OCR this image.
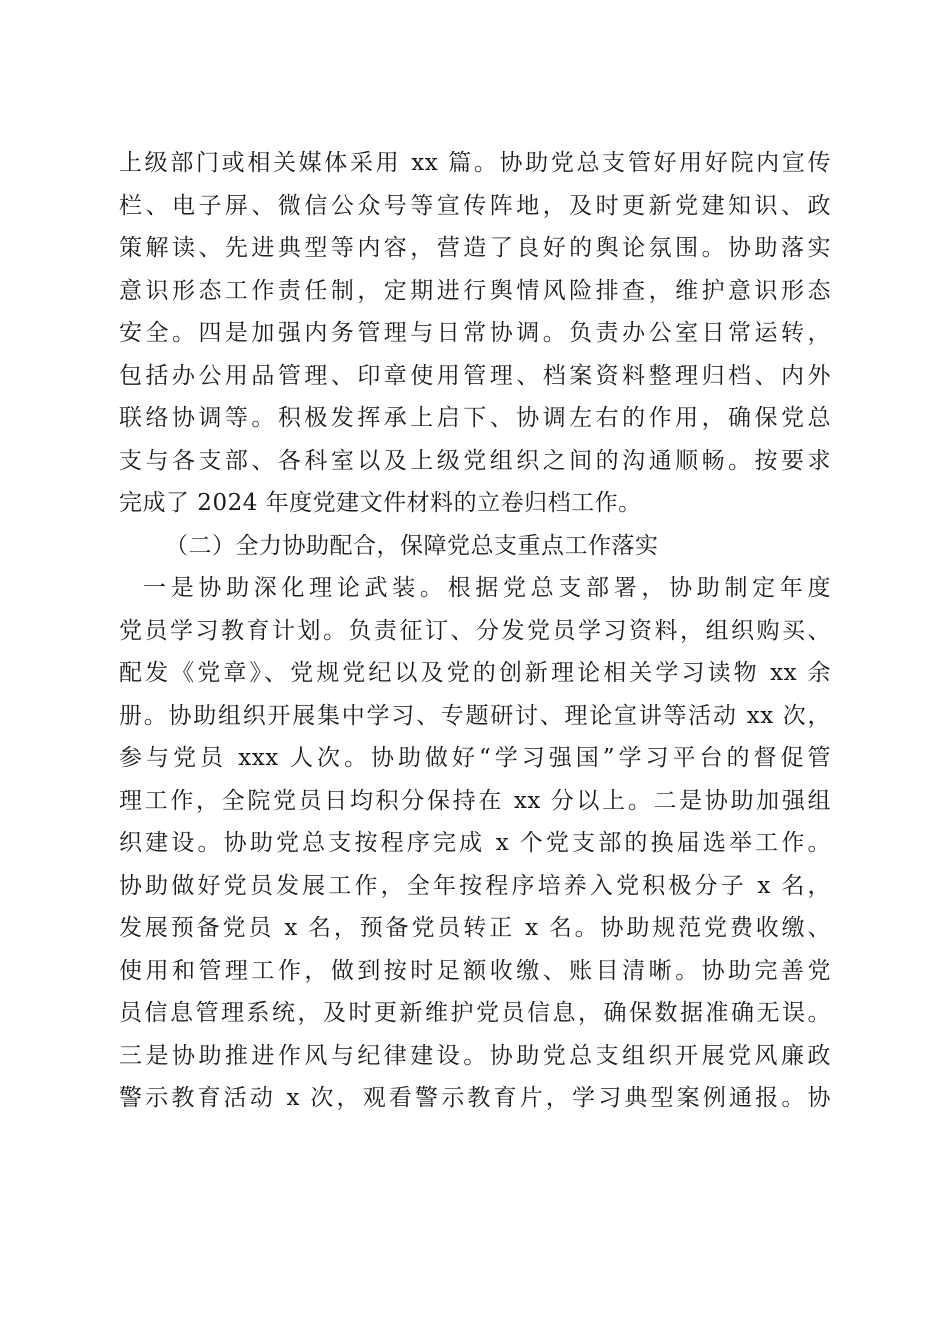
上级部门或相关媒体采用 xx 篇。协助党总支管好用好院内宣传
栏、电子屏、微信公众号等宣传阵地，及时更新党建知识、政
策解读、先进典型等内容，营造了良好的舆论氛围。协助落实
意识形态工作责任制，定期进行舆情风险排查，维护意识形态
安全。四是加强内务管理与日常协调。负责办公室日常运转，
包括办公用品管理、印章使用管理、档案资料整理归档、内外
联络协调等。积极发挥承上启下、协调左右的作用，确保党总
支与各支部、各科室以及上级党组织之间的沟通顺畅。按要求
完成了 2024 年度党建文件材料的立卷归档工作。
（二）全力协助配合，保障党总支重点工作落实
一是协助深化理论武装。根据党总支部署，协助制定年度
党员学习教育计划。负责征订、分发党员学习资料，组织购买、
配发《党章》、党规党纪以及党的创新理论相关学习读物 xx 余
册。协助组织开展集中学习、专题研讨、理论宣讲等活动 xx 次，
参与党员 xxx 人次。协助做好“学习强国”学习平台的督促管
理工作，全院党员日均积分保持在 xx 分以上。二是协助加强组
织建设。协助党总支按程序完成 x 个党支部的换届选举工作。
协助做好党员发展工作，全年按程序培养入党积极分子 x 名，
发展预备党员 x 名，预备党员转正 x 名。协助规范党费收缴、
使用和管理工作，做到按时足额收缴、账目清晰。协助完善党
员信息管理系统，及时更新维护党员信息，确保数据准确无误。
三是协助推进作风与纪律建设。协助党总支组织开展党风廉政
警示教育活动 x 次，观看警示教育片，学习典型案例通报。协
